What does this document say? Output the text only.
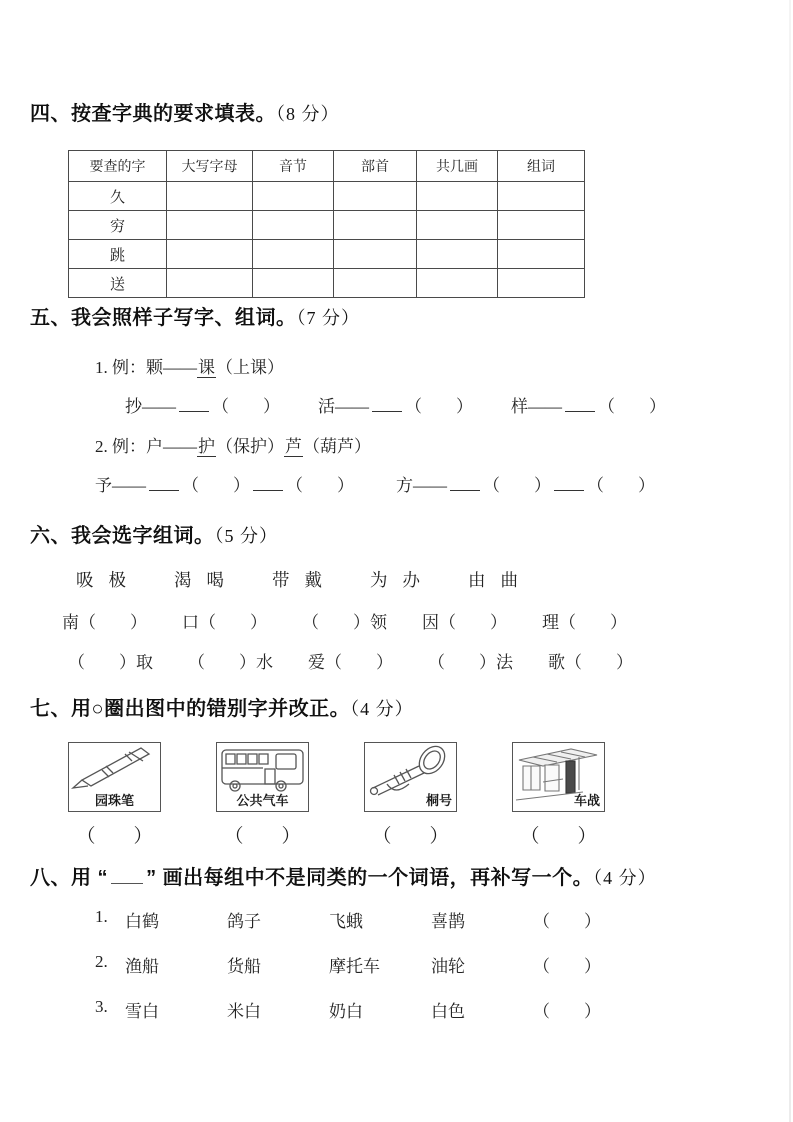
四、按查字典的要求填表。（8 分）
要查的字	大写字母	音节	部首	共几画	组词
久					
穷					
跳					
送					
五、我会照样子写字、组词。（7 分）
1. 例：颗——课（上课）
抄—— （　　） 活—— （　　） 样—— （　　）
2. 例：户——护（保护）芦（葫芦）
予—— （　　） （　　） 方—— （　　） （　　）
六、我会选字组词。（5 分）
吸 极	渴 喝	带 戴	为 办	由 曲
南（　　）	口（　　）	（　　）领	因（　　）	理（　　）
（　　）取	（　　）水	爱（　　）	（　　）法	歌（　　）
七、用○圈出图中的错别字并改正。（4 分）
园珠笔
（　　）
公共气车
（　　）
桐号
（　　）
车战
（　　）
八、用 “ ” 画出每组中不是同类的一个词语，再补写一个。（4 分）
1.	白鹤	鸽子	飞蛾	喜鹊	（　　）
2.	渔船	货船	摩托车	油轮	（　　）
3.	雪白	米白	奶白	白色	（　　）
